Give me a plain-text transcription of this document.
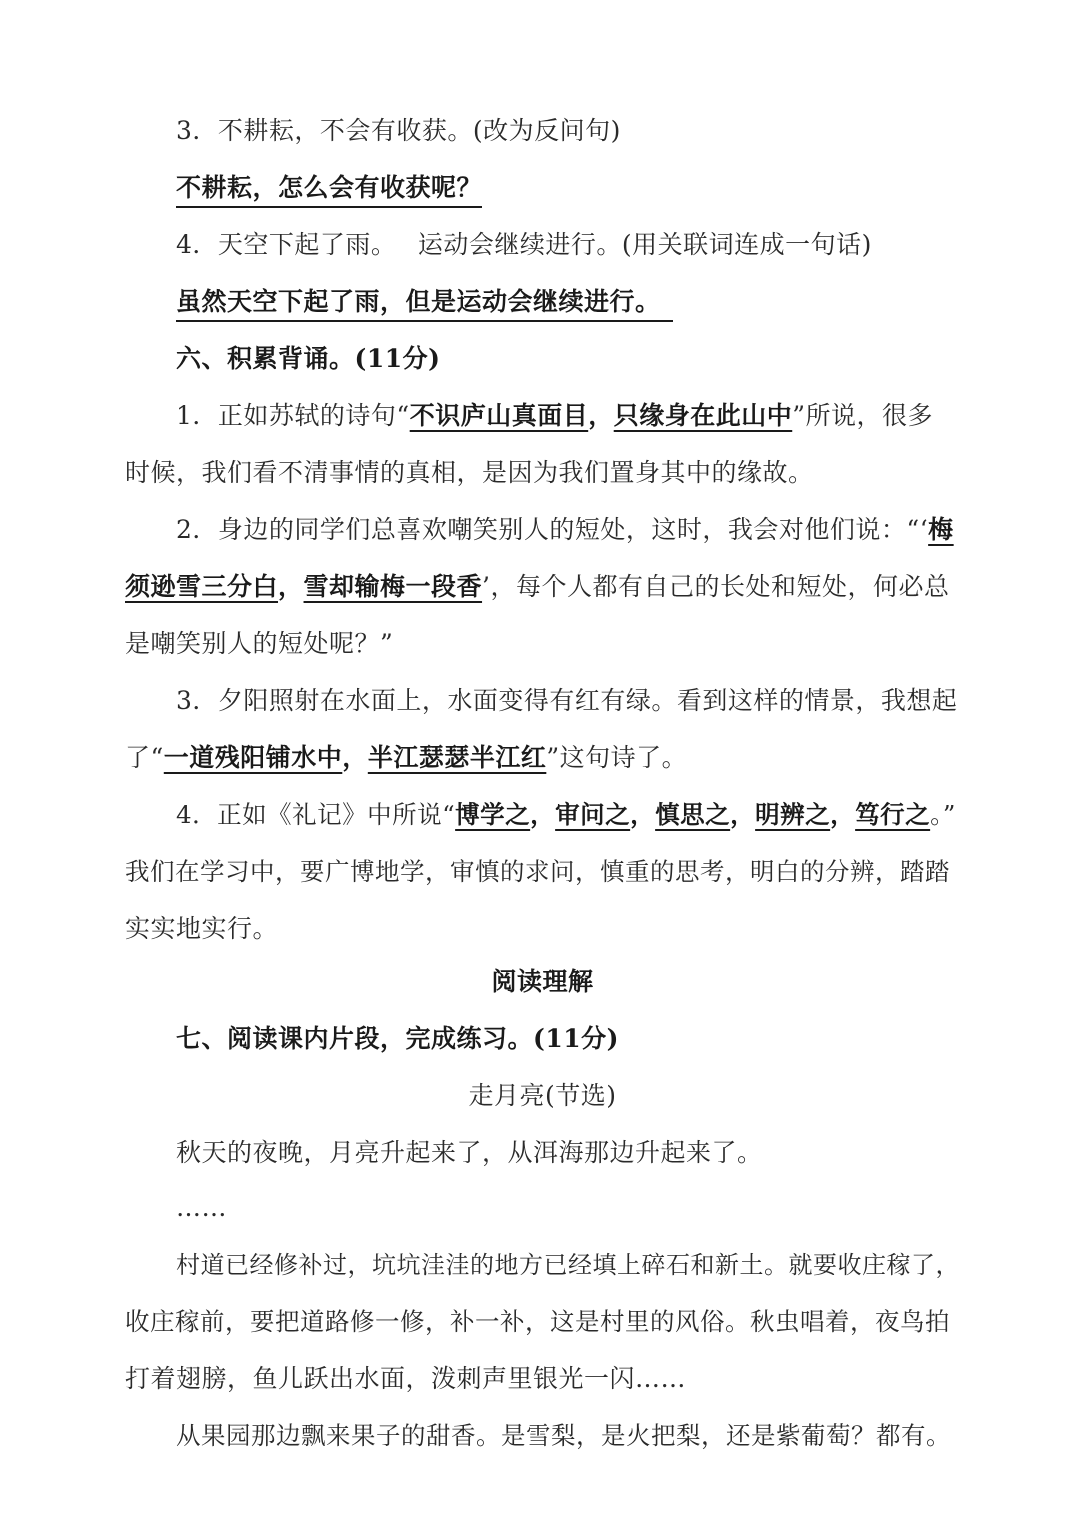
3．不耕耘，不会有收获。(改为反问句)
不耕耘，怎么会有收获呢？
4．天空下起了雨。　 运动会继续进行。(用关联词连成一句话)
虽然天空下起了雨，但是运动会继续进行。
六、积累背诵。(11分)
1．正如苏轼的诗句“不识庐山真面目，只缘身在此山中”所说，很多
时候，我们看不清事情的真相，是因为我们置身其中的缘故。
2．身边的同学们总喜欢嘲笑别人的短处，这时，我会对他们说：“‘梅
须逊雪三分白，雪却输梅一段香’，每个人都有自己的长处和短处，何必总
是嘲笑别人的短处呢？”
3．夕阳照射在水面上，水面变得有红有绿。看到这样的情景，我想起
了“一道残阳铺水中，半江瑟瑟半江红”这句诗了。
4．正如《礼记》中所说“博学之，审问之，慎思之，明辨之，笃行之。”
我们在学习中，要广博地学，审慎的求问，慎重的思考，明白的分辨，踏踏
实实地实行。
阅读理解
七、阅读课内片段，完成练习。(11分)
走月亮(节选)
秋天的夜晚，月亮升起来了，从洱海那边升起来了。
……
村道已经修补过，坑坑洼洼的地方已经填上碎石和新土。就要收庄稼了，
收庄稼前，要把道路修一修，补一补，这是村里的风俗。秋虫唱着，夜鸟拍
打着翅膀，鱼儿跃出水面，泼刺声里银光一闪……
从果园那边飘来果子的甜香。是雪梨，是火把梨，还是紫葡萄？都有。
